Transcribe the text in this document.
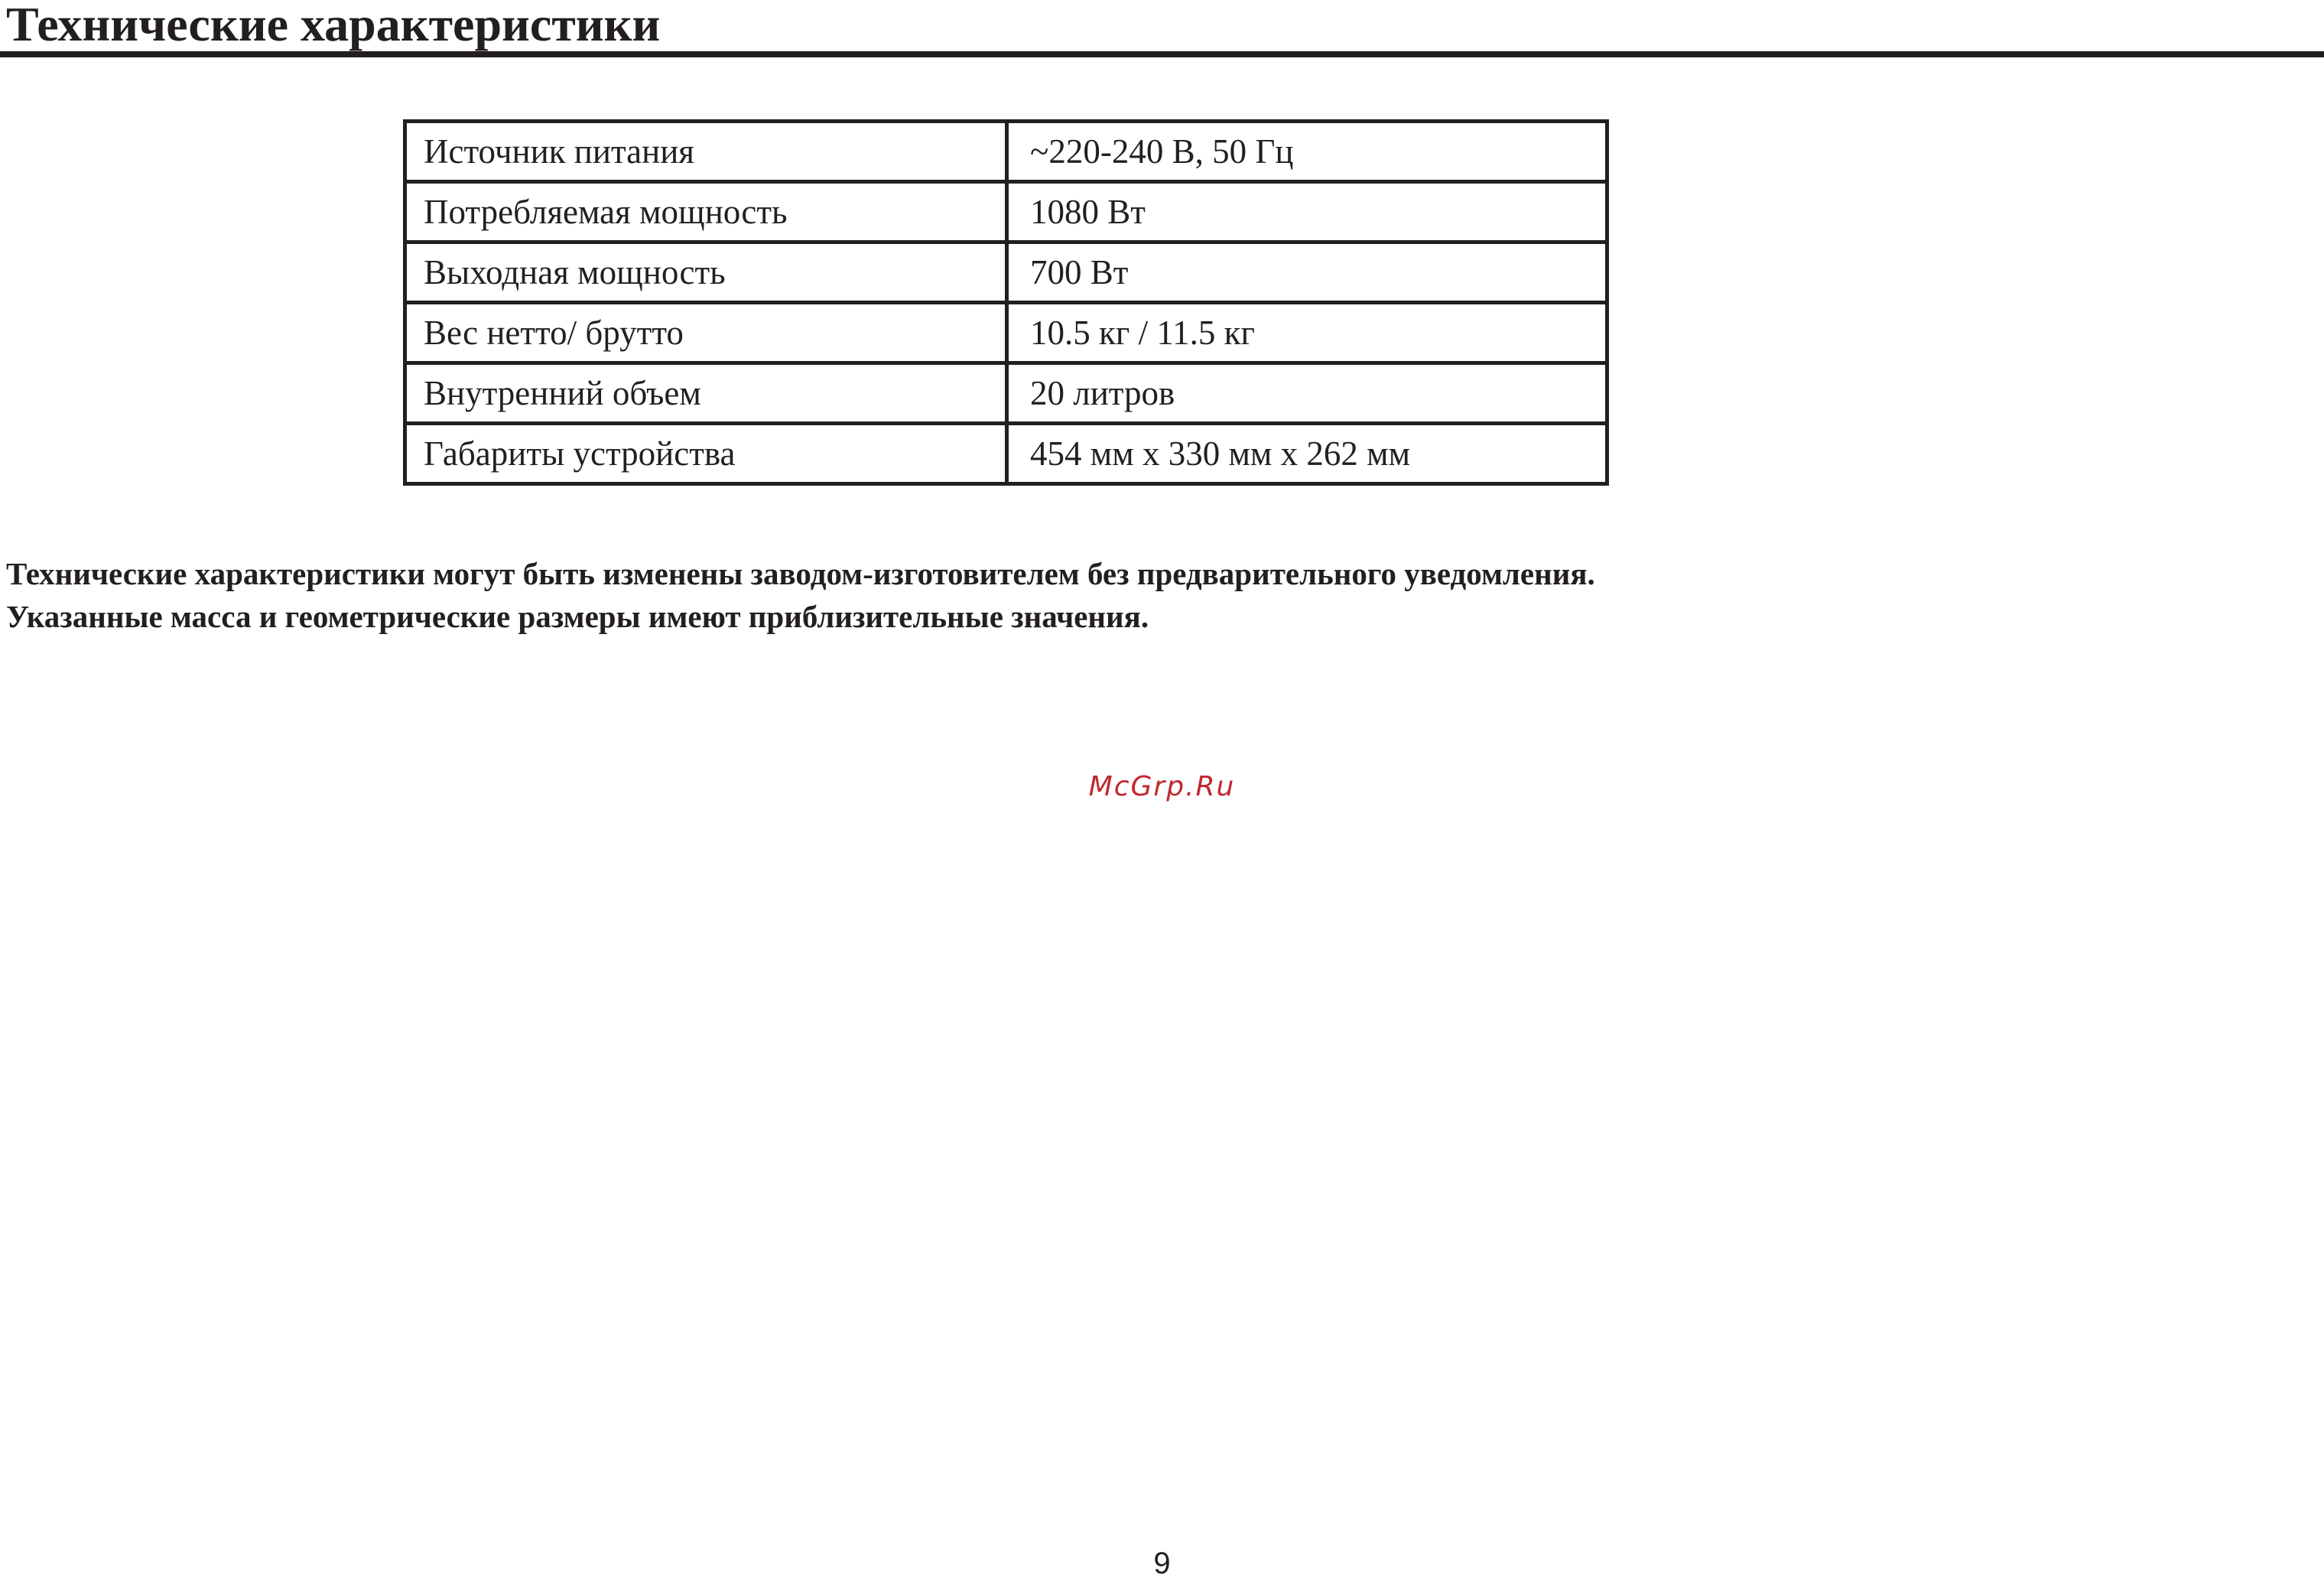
Технические характеристики
Источник питания	~220-240 В, 50 Гц
Потребляемая мощность	1080 Вт
Выходная мощность	700 Вт
Вес нетто/ брутто	10.5 кг / 11.5 кг
Внутренний объем	20 литров
Габариты устройства	454 мм x 330 мм x 262 мм

Технические характеристики могут быть изменены заводом-изготовителем без предварительного уведомления.

Указанные масса и геометрические размеры имеют приблизительные значения.

McGrp.Ru
9
